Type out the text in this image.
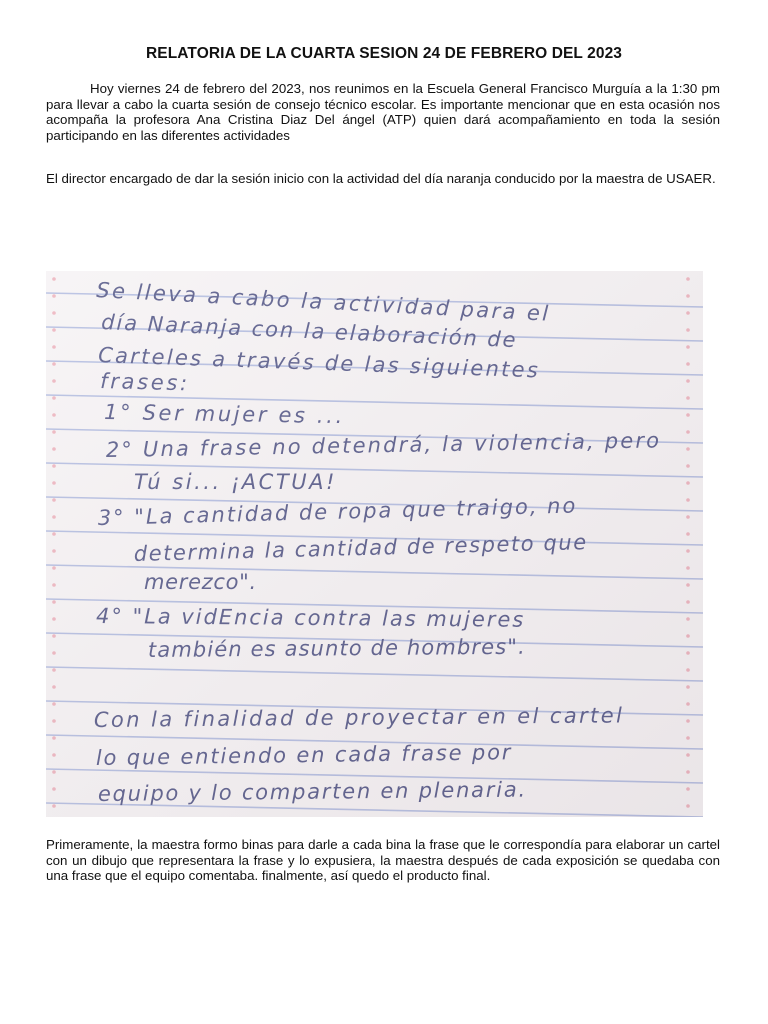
RELATORIA DE LA CUARTA SESION 24 DE FEBRERO DEL 2023
Hoy viernes 24 de febrero del 2023, nos reunimos en la Escuela General Francisco Murguía a la 1:30 pm para llevar a cabo la cuarta sesión de consejo técnico escolar. Es importante mencionar que en esta ocasión nos acompaña la profesora Ana Cristina Diaz Del ángel (ATP) quien dará acompañamiento en toda la sesión participando en las diferentes actividades
El director encargado de dar la sesión inicio con la actividad del día naranja conducido por la maestra de USAER.
Primeramente, la maestra formo binas para darle a cada bina la frase que le correspondía para elaborar un cartel con un dibujo que representara la frase y lo expusiera, la maestra después de cada exposición se quedaba con una frase que el equipo comentaba. finalmente, así quedo el producto final.
